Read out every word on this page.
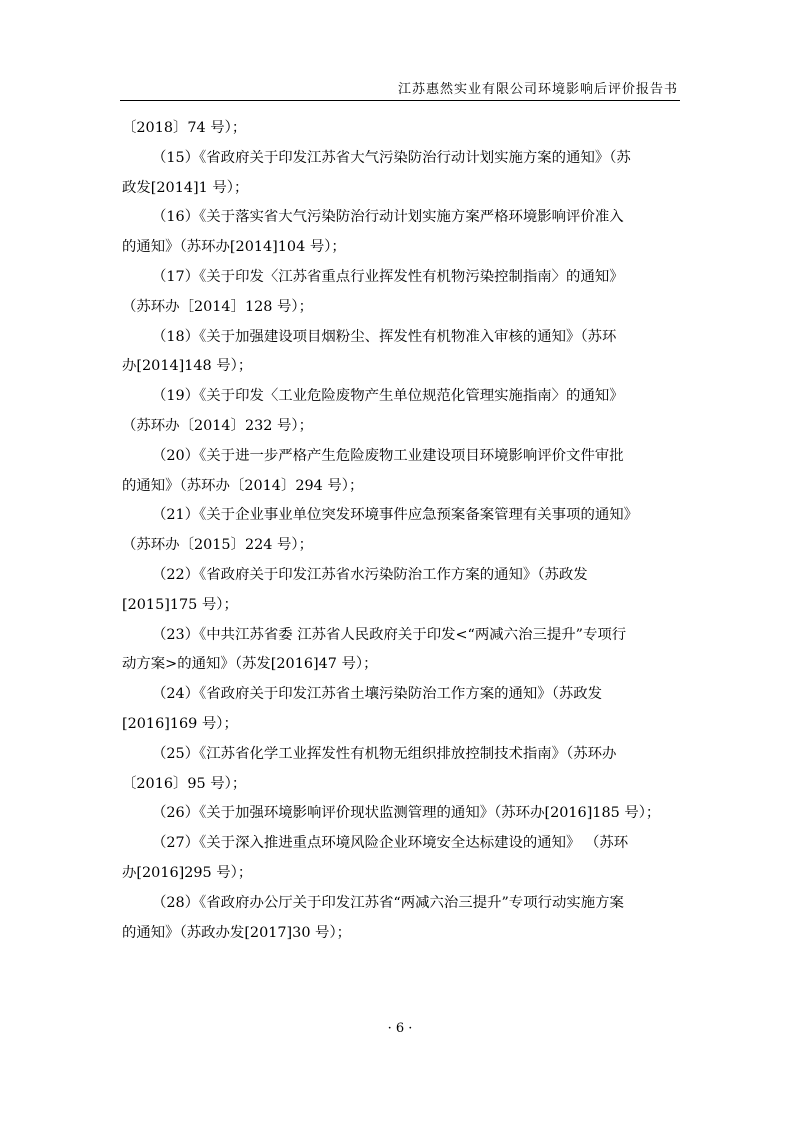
江苏惠然实业有限公司环境影响后评价报告书
〔2018〕74 号）；
（15）《省政府关于印发江苏省大气污染防治行动计划实施方案的通知》（苏
政发[2014]1 号）；
（16）《关于落实省大气污染防治行动计划实施方案严格环境影响评价准入
的通知》（苏环办[2014]104 号）；
（17）《关于印发〈江苏省重点行业挥发性有机物污染控制指南〉的通知》
（苏环办［2014］128 号）；
（18）《关于加强建设项目烟粉尘、挥发性有机物准入审核的通知》（苏环
办[2014]148 号）；
（19）《关于印发〈工业危险废物产生单位规范化管理实施指南〉的通知》
（苏环办〔2014〕232 号）；
（20）《关于进一步严格产生危险废物工业建设项目环境影响评价文件审批
的通知》（苏环办〔2014〕294 号）；
（21）《关于企业事业单位突发环境事件应急预案备案管理有关事项的通知》
（苏环办〔2015〕224 号）；
（22）《省政府关于印发江苏省水污染防治工作方案的通知》（苏政发
[2015]175 号）；
（23）《中共江苏省委 江苏省人民政府关于印发<“两减六治三提升”专项行
动方案>的通知》（苏发[2016]47 号）；
（24）《省政府关于印发江苏省土壤污染防治工作方案的通知》（苏政发
[2016]169 号）；
（25）《江苏省化学工业挥发性有机物无组织排放控制技术指南》（苏环办
〔2016〕95 号）；
（26）《关于加强环境影响评价现状监测管理的通知》（苏环办[2016]185 号）；
（27）《关于深入推进重点环境风险企业环境安全达标建设的通知》 （苏环
办[2016]295 号）；
（28）《省政府办公厅关于印发江苏省“两减六治三提升”专项行动实施方案
的通知》（苏政办发[2017]30 号）；
· 6 ·
